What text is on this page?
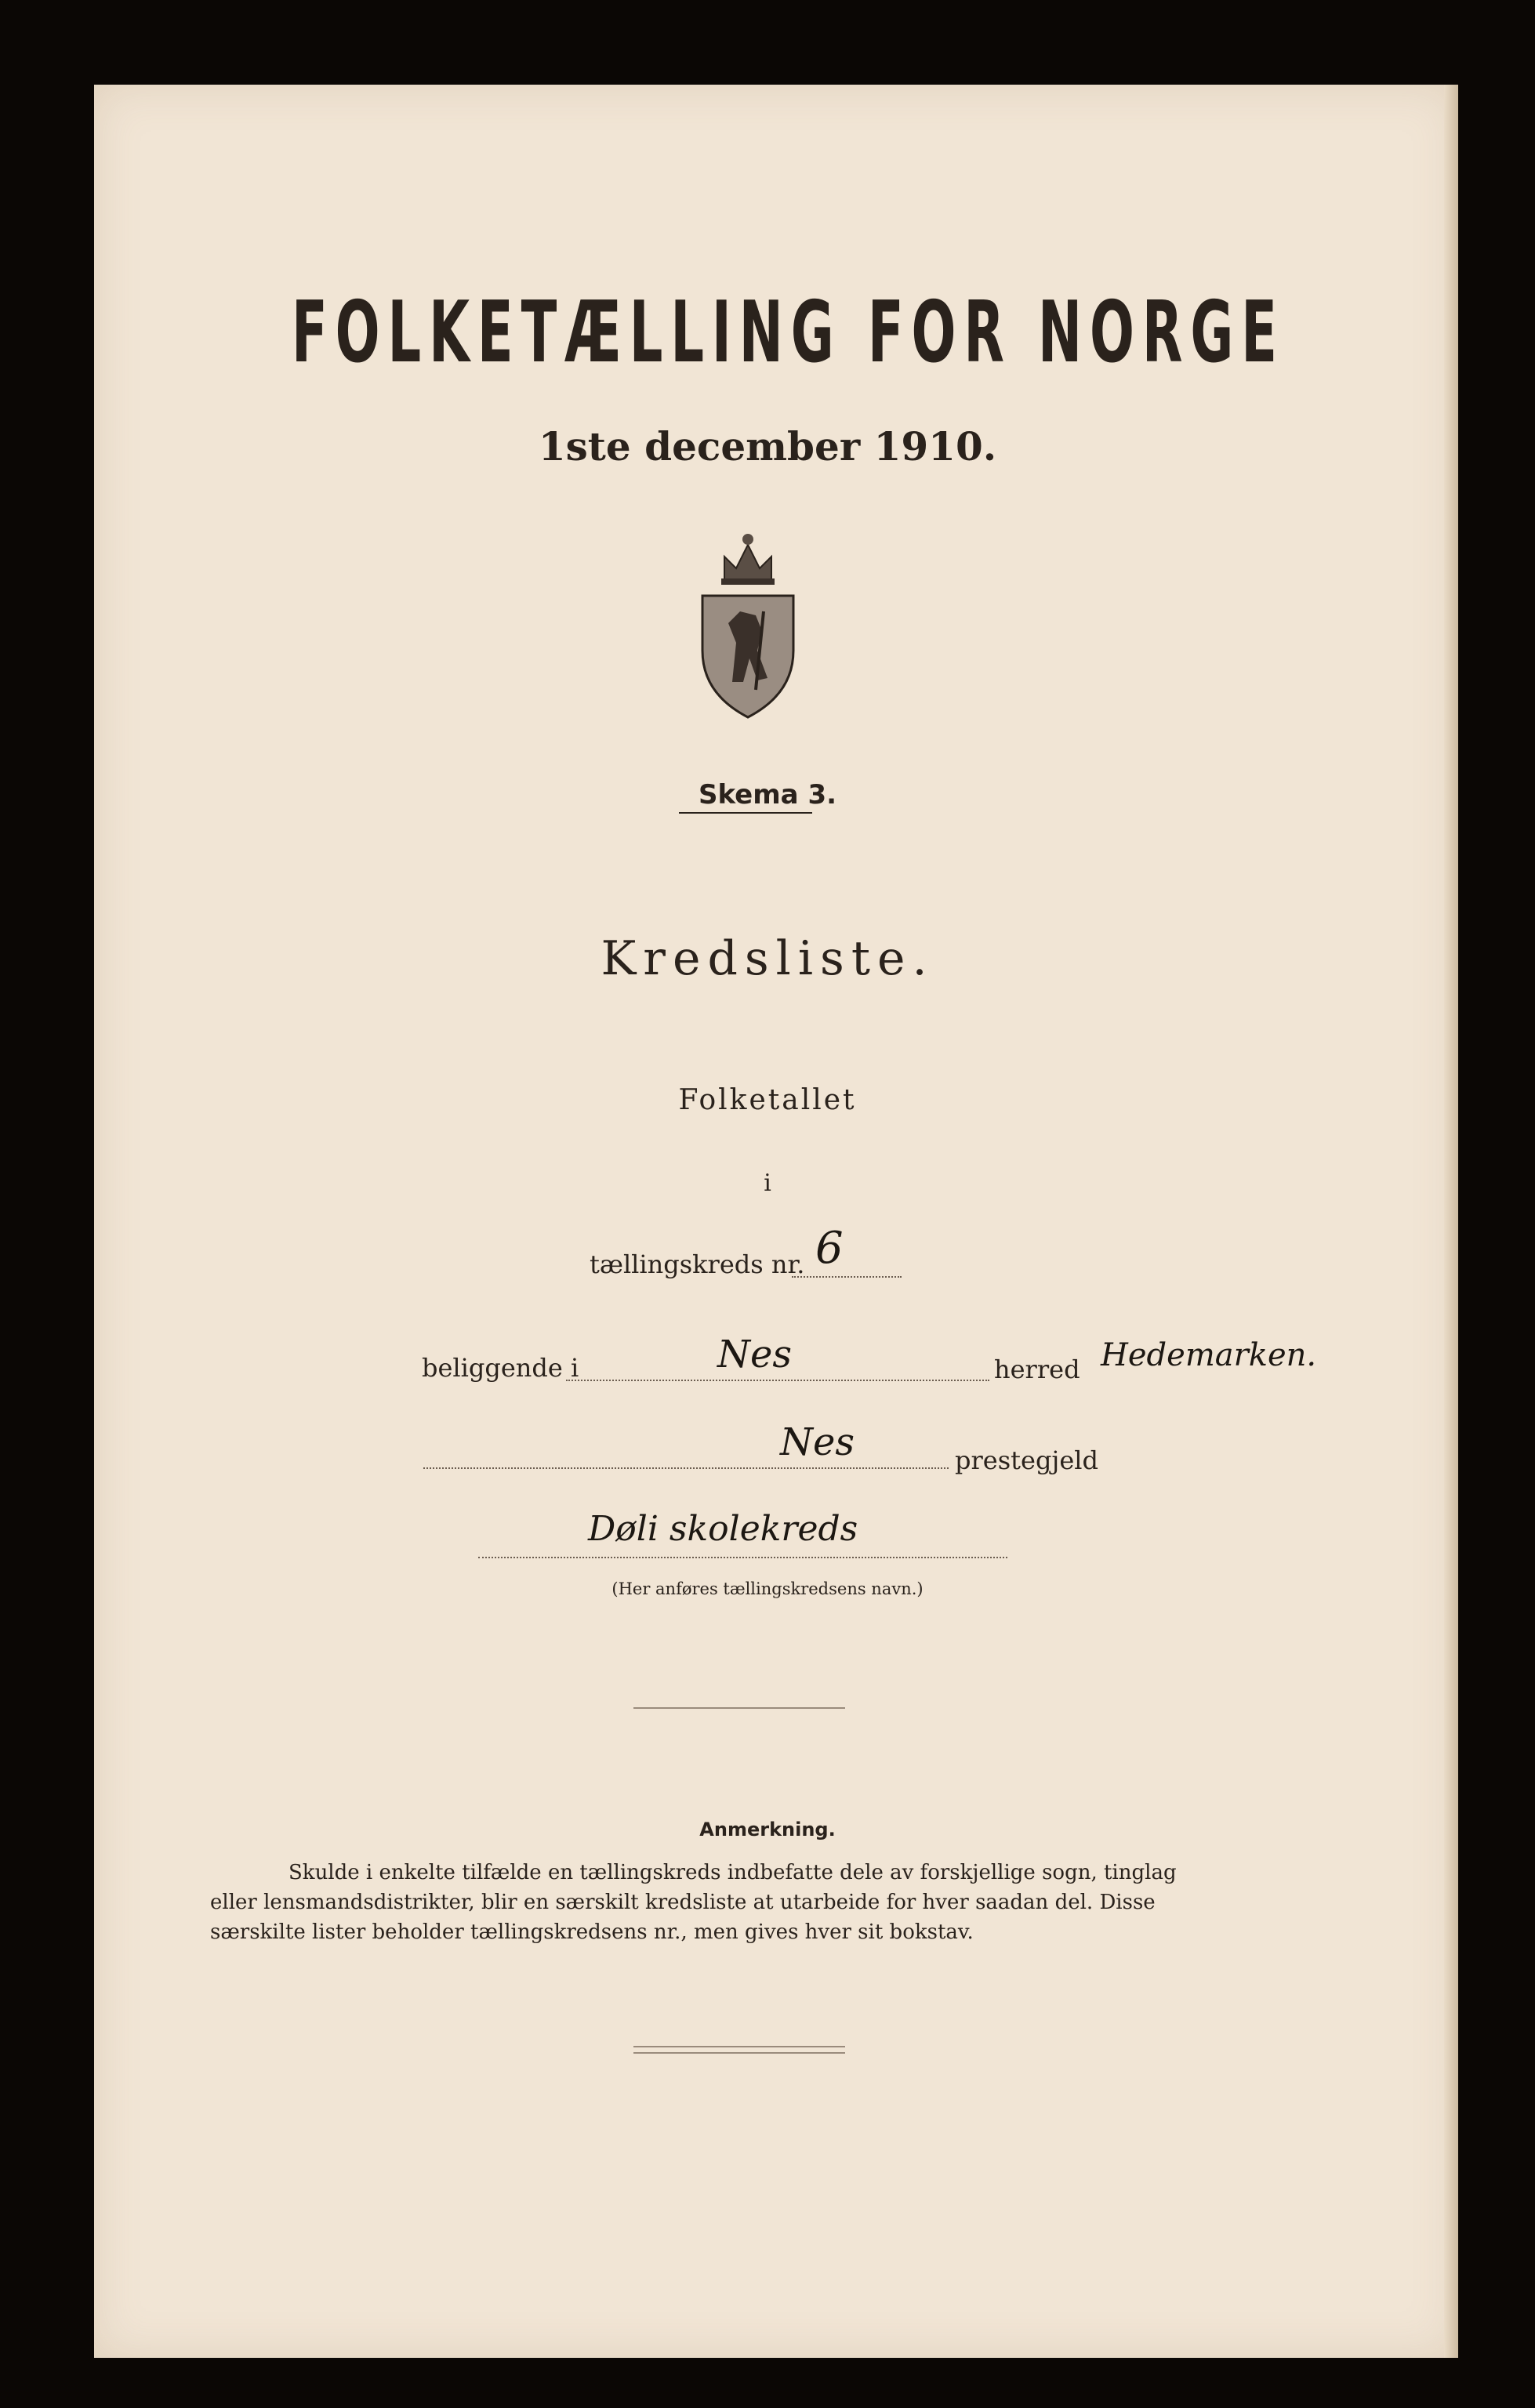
FOLKETÆLLING FOR NORGE
1ste december 1910.
Skema 3.
Kredsliste.
Folketallet
i
tællingskreds nr. 6
beliggende i	Nes	herred Hedemarken.
Nes	prestegjeld
Døli skolekreds
(Her anføres tællingskredsens navn.)
Anmerkning.
Skulde i enkelte tilfælde en tællingskreds indbefatte dele av forskjellige sogn, tinglag
eller lensmandsdistrikter, blir en særskilt kredsliste at utarbeide for hver saadan del. Disse
særskilte lister beholder tællingskredsens nr., men gives hver sit bokstav.
